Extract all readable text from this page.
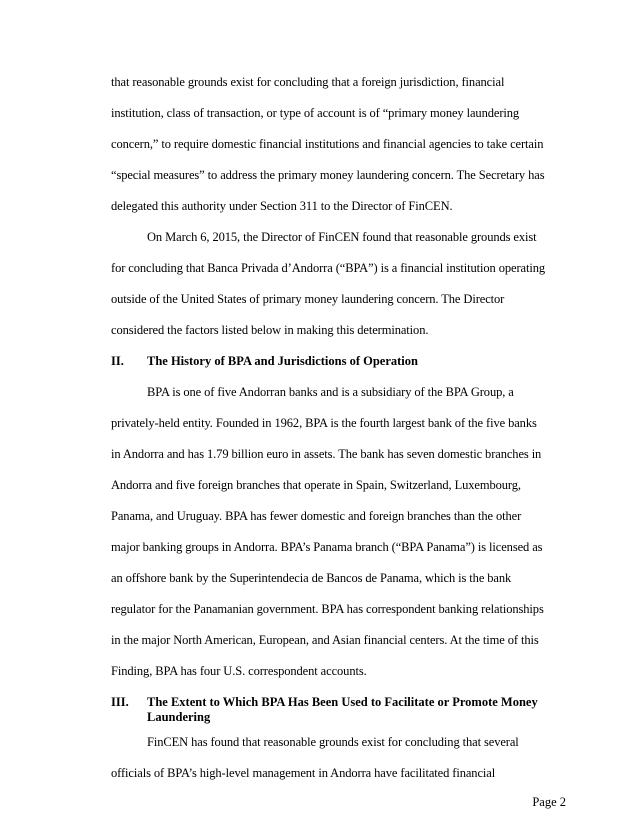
that reasonable grounds exist for concluding that a foreign jurisdiction, financial
institution, class of transaction, or type of account is of “primary money laundering
concern,” to require domestic financial institutions and financial agencies to take certain
“special measures” to address the primary money laundering concern. The Secretary has
delegated this authority under Section 311 to the Director of FinCEN.
On March 6, 2015, the Director of FinCEN found that reasonable grounds exist
for concluding that Banca Privada d’Andorra (“BPA”) is a financial institution operating
outside of the United States of primary money laundering concern. The Director
considered the factors listed below in making this determination.
II. The History of BPA and Jurisdictions of Operation
BPA is one of five Andorran banks and is a subsidiary of the BPA Group, a
privately-held entity. Founded in 1962, BPA is the fourth largest bank of the five banks
in Andorra and has 1.79 billion euro in assets. The bank has seven domestic branches in
Andorra and five foreign branches that operate in Spain, Switzerland, Luxembourg,
Panama, and Uruguay. BPA has fewer domestic and foreign branches than the other
major banking groups in Andorra. BPA’s Panama branch (“BPA Panama”) is licensed as
an offshore bank by the Superintendecia de Bancos de Panama, which is the bank
regulator for the Panamanian government. BPA has correspondent banking relationships
in the major North American, European, and Asian financial centers. At the time of this
Finding, BPA has four U.S. correspondent accounts.
III. The Extent to Which BPA Has Been Used to Facilitate or Promote Money
Laundering
FinCEN has found that reasonable grounds exist for concluding that several
officials of BPA’s high-level management in Andorra have facilitated financial
Page 2
